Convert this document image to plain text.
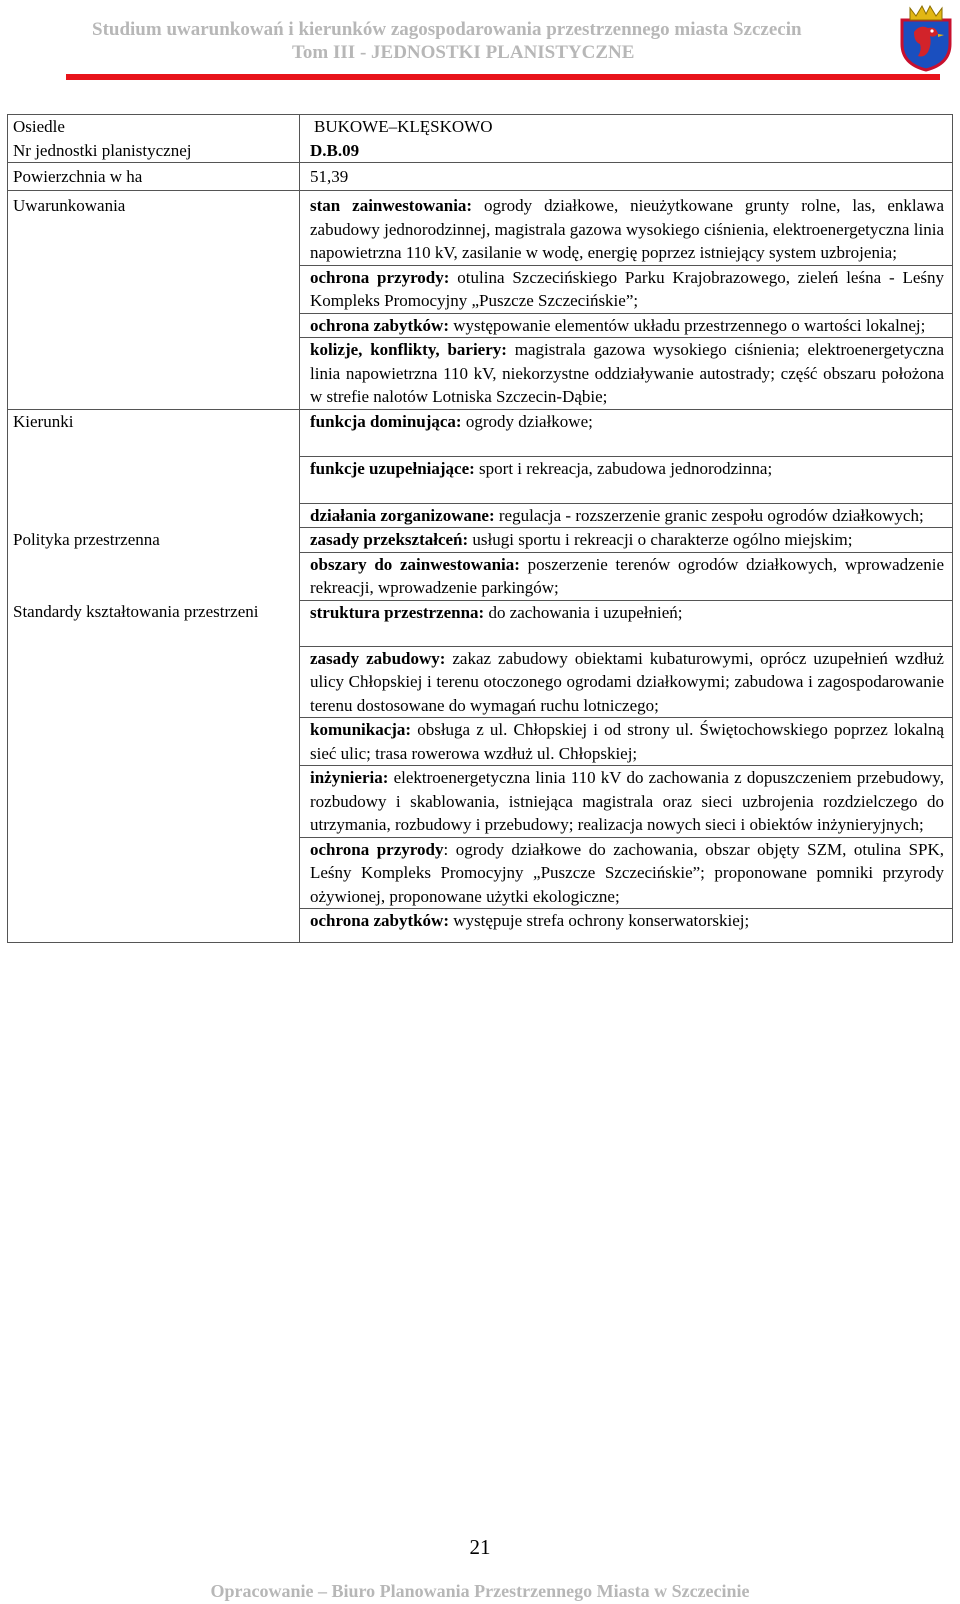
Studium uwarunkowań i kierunków zagospodarowania przestrzennego miasta Szczecin
Tom III - JEDNOSTKI PLANISTYCZNE
Osiedle	BUKOWE–KLĘSKOWO
Nr jednostki planistycznej	D.B.09
Powierzchnia w ha	51,39
Uwarunkowania	stan zainwestowania: ogrody działkowe, nieużytkowane grunty rolne, las, enklawa zabudowy jednorodzinnej, magistrala gazowa wysokiego ciśnienia, elektroenergetyczna linia napowietrzna 110 kV, zasilanie w wodę, energię poprzez istniejący system uzbrojenia;
	ochrona przyrody: otulina Szczecińskiego Parku Krajobrazowego, zieleń leśna - Leśny Kompleks Promocyjny „Puszcze Szczecińskie”;
	ochrona zabytków: występowanie elementów układu przestrzennego o wartości lokalnej;
	kolizje, konflikty, bariery: magistrala gazowa wysokiego ciśnienia; elektroenergetyczna linia napowietrzna 110 kV, niekorzystne oddziaływanie autostrady; część obszaru położona w strefie nalotów Lotniska Szczecin-Dąbie;
Kierunki	funkcja dominująca: ogrody działkowe;
	funkcje uzupełniające: sport i rekreacja, zabudowa jednorodzinna;
	działania zorganizowane: regulacja - rozszerzenie granic zespołu ogrodów działkowych;
Polityka przestrzenna	zasady przekształceń: usługi sportu i rekreacji o charakterze ogólno miejskim;
	obszary do zainwestowania: poszerzenie terenów ogrodów działkowych, wprowadzenie rekreacji, wprowadzenie parkingów;
Standardy kształtowania przestrzeni	struktura przestrzenna: do zachowania i uzupełnień;
	zasady zabudowy: zakaz zabudowy obiektami kubaturowymi, oprócz uzupełnień wzdłuż ulicy Chłopskiej i terenu otoczonego ogrodami działkowymi; zabudowa i zagospodarowanie terenu dostosowane do wymagań ruchu lotniczego;
	komunikacja: obsługa z ul. Chłopskiej i od strony ul. Świętochowskiego poprzez lokalną sieć ulic; trasa rowerowa wzdłuż ul. Chłopskiej;
	inżynieria: elektroenergetyczna linia 110 kV do zachowania z dopuszczeniem przebudowy, rozbudowy i skablowania, istniejąca magistrala oraz sieci uzbrojenia rozdzielczego do utrzymania, rozbudowy i przebudowy; realizacja nowych sieci i obiektów inżynieryjnych;
	ochrona przyrody: ogrody działkowe do zachowania, obszar objęty SZM, otulina SPK, Leśny Kompleks Promocyjny „Puszcze Szczecińskie”; proponowane pomniki przyrody ożywionej, proponowane użytki ekologiczne;
	ochrona zabytków: występuje strefa ochrony konserwatorskiej;
21
Opracowanie – Biuro Planowania Przestrzennego Miasta w Szczecinie
